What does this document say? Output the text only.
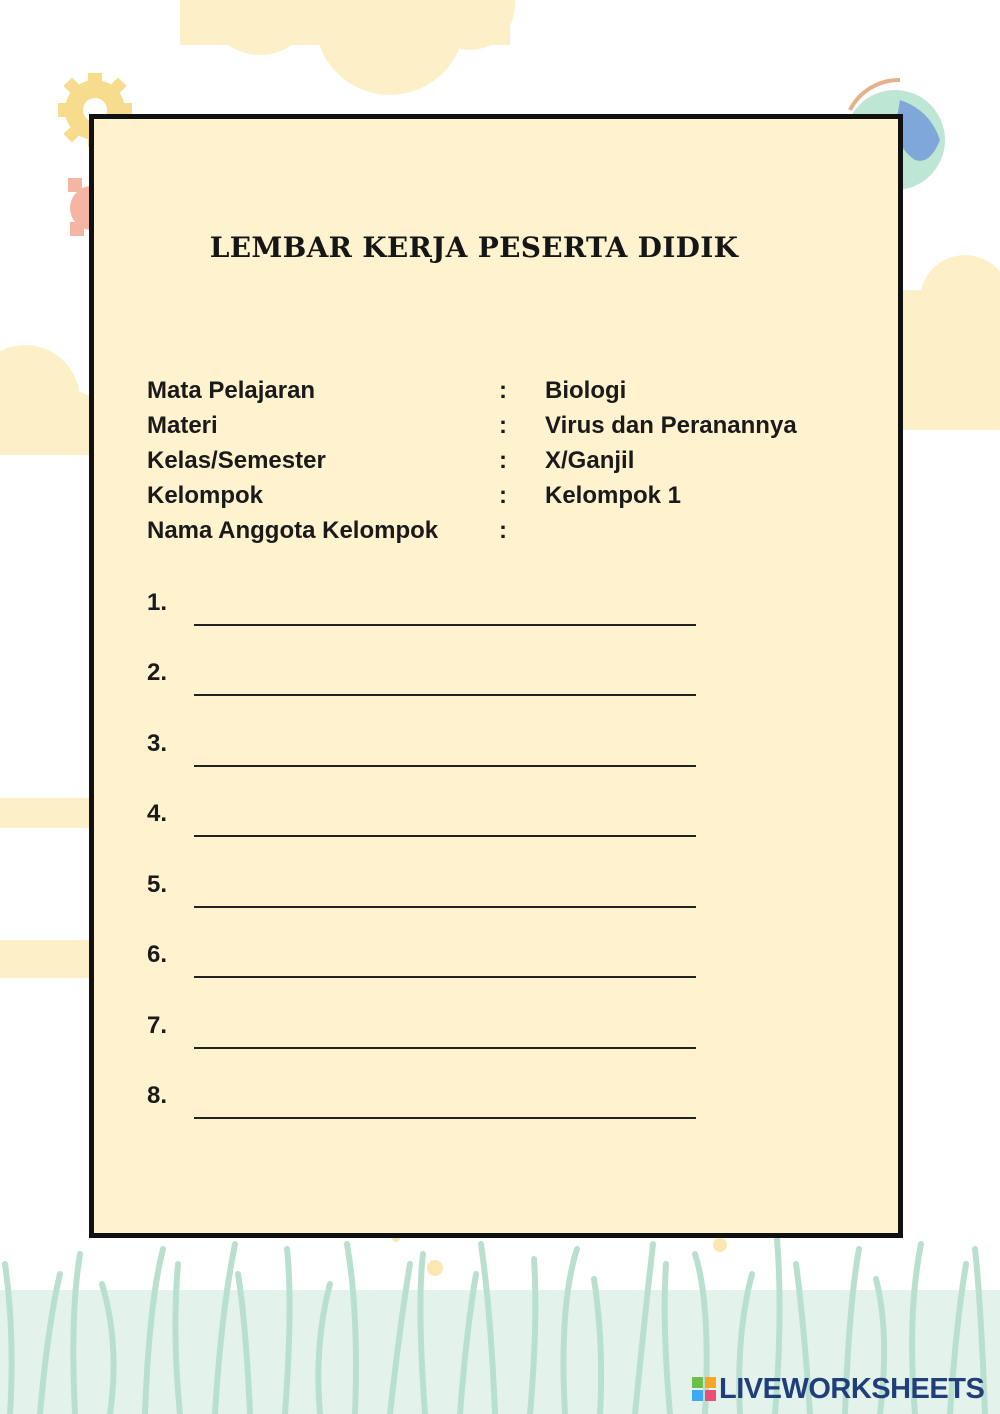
LEMBAR KERJA PESERTA DIDIK
Mata Pelajaran	: Biologi
Materi	: Virus dan Peranannya
Kelas/Semester	: X/Ganjil
Kelompok	: Kelompok 1
Nama Anggota Kelompok	:
1.
2.
3.
4.
5.
6.
7.
8.
LIVEWORKSHEETS
